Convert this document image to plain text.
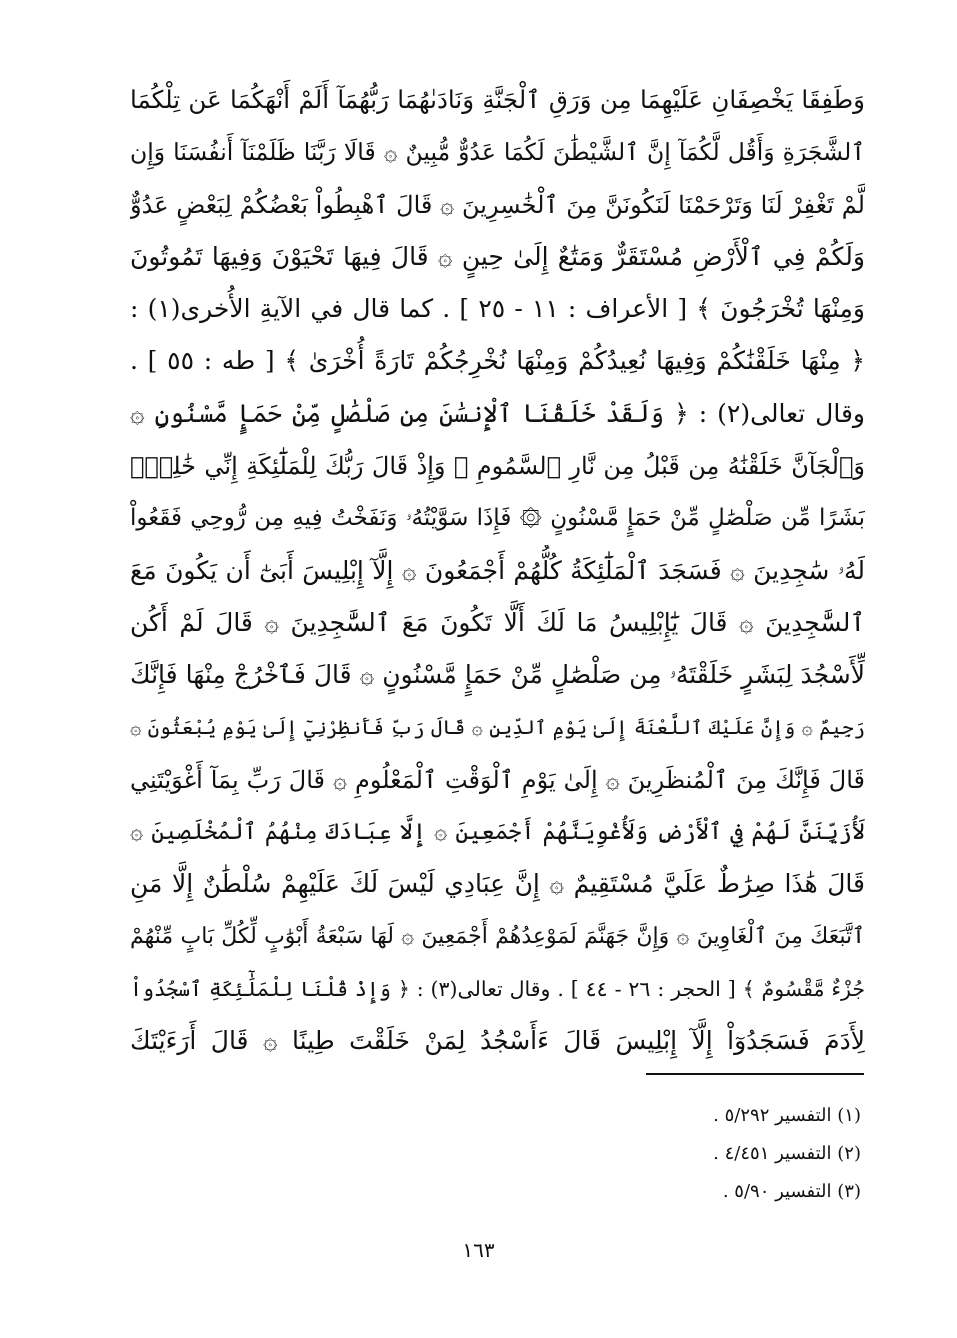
وَطَفِقَا يَخْصِفَانِ عَلَيْهِمَا مِن وَرَقِ ٱلْجَنَّةِ وَنَادَىٰهُمَا رَبُّهُمَآ أَلَمْ أَنْهَكُمَا عَن تِلْكُمَا
ٱلشَّجَرَةِ وَأَقُل لَّكُمَآ إِنَّ ٱلشَّيْطَٰنَ لَكُمَا عَدُوٌّ مُّبِينٌ ۞ قَالَا رَبَّنَا ظَلَمْنَآ أَنفُسَنَا وَإِن
لَّمْ تَغْفِرْ لَنَا وَتَرْحَمْنَا لَنَكُونَنَّ مِنَ ٱلْخَٰسِرِينَ ۞ قَالَ ٱهْبِطُواْ بَعْضُكُمْ لِبَعْضٍ عَدُوٌّ
وَلَكُمْ فِي ٱلْأَرْضِ مُسْتَقَرٌّ وَمَتَٰعٌ إِلَىٰ حِينٍ ۞ قَالَ فِيهَا تَحْيَوْنَ وَفِيهَا تَمُوتُونَ
وَمِنْهَا تُخْرَجُونَ ﴾ [ الأعراف : ١١ - ٢٥ ] . كما قال في الآيةِ الأُخرى(١) :
﴿ مِنْهَا خَلَقْنَٰكُمْ وَفِيهَا نُعِيدُكُمْ وَمِنْهَا نُخْرِجُكُمْ تَارَةً أُخْرَىٰ ﴾ [ طه : ٥٥ ] .
وقال تعالى(٢) : ﴿ وَلَقَدْ خَلَقْنَا ٱلْإِنسَٰنَ مِن صَلْصَٰلٍ مِّنْ حَمَإٍ مَّسْنُونٍ ۞
وَٱلْجَآنَّ خَلَقْنَٰهُ مِن قَبْلُ مِن نَّارِ ٱلسَّمُومِ ۞ وَإِذْ قَالَ رَبُّكَ لِلْمَلَٰٓئِكَةِ إِنِّي خَٰلِقٌۢ
بَشَرًا مِّن صَلْصَٰلٍ مِّنْ حَمَإٍ مَّسْنُونٍ ۞ فَإِذَا سَوَّيْتُهُۥ وَنَفَخْتُ فِيهِ مِن رُّوحِي فَقَعُواْ
لَهُۥ سَٰجِدِينَ ۞ فَسَجَدَ ٱلْمَلَٰٓئِكَةُ كُلُّهُمْ أَجْمَعُونَ ۞ إِلَّآ إِبْلِيسَ أَبَىٰٓ أَن يَكُونَ مَعَ
ٱلسَّٰجِدِينَ ۞ قَالَ يَٰٓإِبْلِيسُ مَا لَكَ أَلَّا تَكُونَ مَعَ ٱلسَّٰجِدِينَ ۞ قَالَ لَمْ أَكُن
لِّأَسْجُدَ لِبَشَرٍ خَلَقْتَهُۥ مِن صَلْصَٰلٍ مِّنْ حَمَإٍ مَّسْنُونٍ ۞ قَالَ فَٱخْرُجْ مِنْهَا فَإِنَّكَ
رَجِيمٌ ۞ وَإِنَّ عَلَيْكَ ٱللَّعْنَةَ إِلَىٰ يَوْمِ ٱلدِّينِ ۞ قَالَ رَبِّ فَأَنظِرْنِيٓ إِلَىٰ يَوْمِ يُبْعَثُونَ ۞
قَالَ فَإِنَّكَ مِنَ ٱلْمُنظَرِينَ ۞ إِلَىٰ يَوْمِ ٱلْوَقْتِ ٱلْمَعْلُومِ ۞ قَالَ رَبِّ بِمَآ أَغْوَيْتَنِي
لَأُزَيِّنَنَّ لَهُمْ فِي ٱلْأَرْضِ وَلَأُغْوِيَنَّهُمْ أَجْمَعِينَ ۞ إِلَّا عِبَادَكَ مِنْهُمُ ٱلْمُخْلَصِينَ ۞
قَالَ هَٰذَا صِرَٰطٌ عَلَيَّ مُسْتَقِيمٌ ۞ إِنَّ عِبَادِي لَيْسَ لَكَ عَلَيْهِمْ سُلْطَٰنٌ إِلَّا مَنِ
ٱتَّبَعَكَ مِنَ ٱلْغَاوِينَ ۞ وَإِنَّ جَهَنَّمَ لَمَوْعِدُهُمْ أَجْمَعِينَ ۞ لَهَا سَبْعَةُ أَبْوَٰبٍ لِّكُلِّ بَابٍ مِّنْهُمْ
جُزْءٌ مَّقْسُومٌ ﴾ [ الحجر : ٢٦ - ٤٤ ] . وقال تعالى(٣) : ﴿ وَإِذْ قُلْنَا لِلْمَلَٰٓئِكَةِ ٱسْجُدُواْ
لِأَدَمَ فَسَجَدُوٓاْ إِلَّآ إِبْلِيسَ قَالَ ءَأَسْجُدُ لِمَنْ خَلَقْتَ طِينًا ۞ قَالَ أَرَءَيْتَكَ
(١) التفسير ٥/٢٩٢ .
(٢) التفسير ٤/٤٥١ .
(٣) التفسير ٥/٩٠ .
١٦٣
